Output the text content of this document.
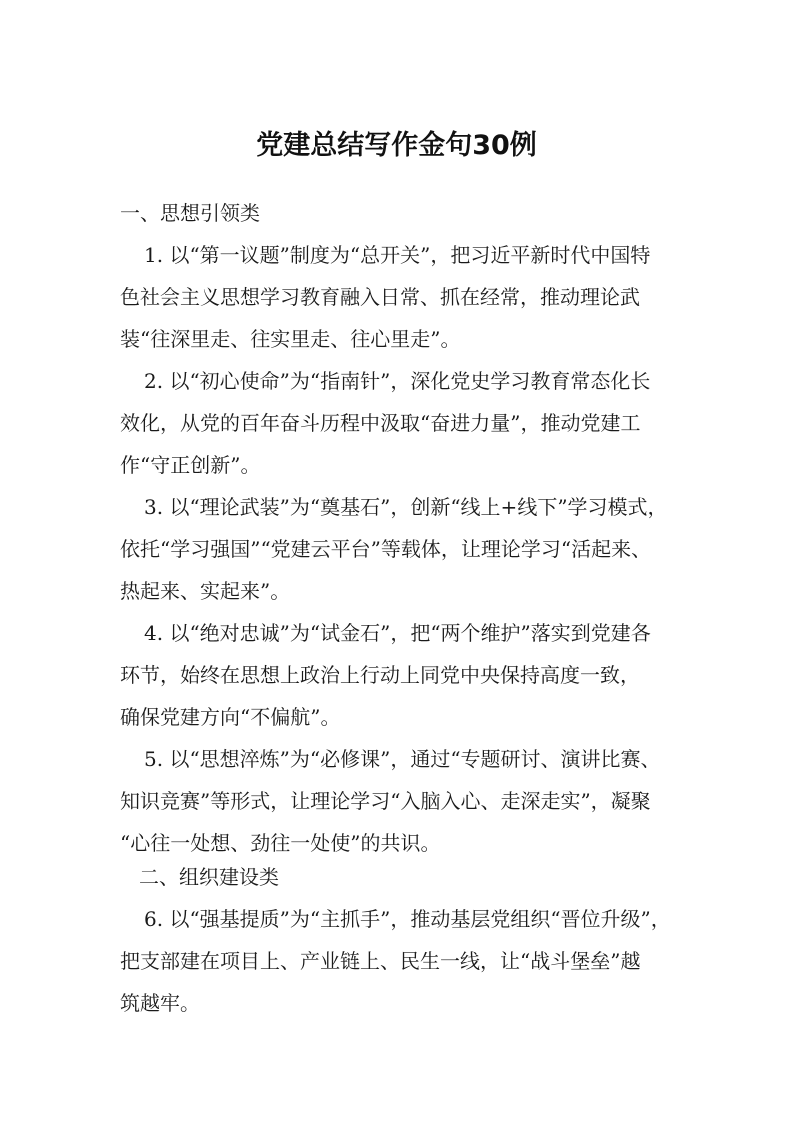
党建总结写作金句30例
一、思想引领类
1. 以“第一议题”制度为“总开关”，把习近平新时代中国特
色社会主义思想学习教育融入日常、抓在经常，推动理论武
装“往深里走、往实里走、往心里走”。
2. 以“初心使命”为“指南针”，深化党史学习教育常态化长
效化，从党的百年奋斗历程中汲取“奋进力量”，推动党建工
作“守正创新”。
3. 以“理论武装”为“奠基石”，创新“线上+线下”学习模式，
依托“学习强国”“党建云平台”等载体，让理论学习“活起来、
热起来、实起来”。
4. 以“绝对忠诚”为“试金石”，把“两个维护”落实到党建各
环节，始终在思想上政治上行动上同党中央保持高度一致，
确保党建方向“不偏航”。
5. 以“思想淬炼”为“必修课”，通过“专题研讨、演讲比赛、
知识竞赛”等形式，让理论学习“入脑入心、走深走实”，凝聚
“心往一处想、劲往一处使”的共识。
二、组织建设类
6. 以“强基提质”为“主抓手”，推动基层党组织“晋位升级”，
把支部建在项目上、产业链上、民生一线，让“战斗堡垒”越
筑越牢。
